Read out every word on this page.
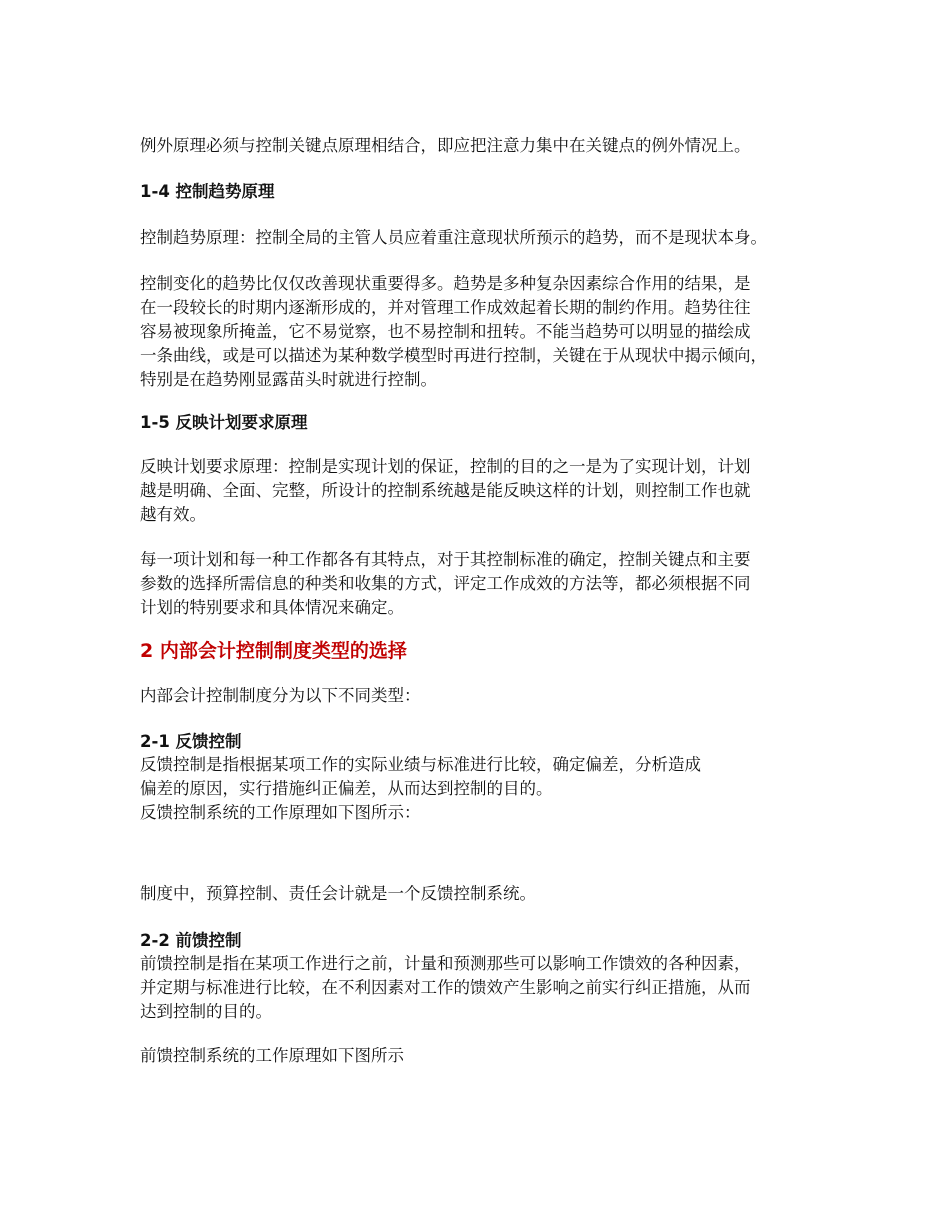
例外原理必须与控制关键点原理相结合，即应把注意力集中在关键点的例外情况上。
1-4 控制趋势原理
控制趋势原理：控制全局的主管人员应着重注意现状所预示的趋势，而不是现状本身。
控制变化的趋势比仅仅改善现状重要得多。趋势是多种复杂因素综合作用的结果，是
在一段较长的时期内逐渐形成的，并对管理工作成效起着长期的制约作用。趋势往往
容易被现象所掩盖，它不易觉察，也不易控制和扭转。不能当趋势可以明显的描绘成
一条曲线，或是可以描述为某种数学模型时再进行控制，关键在于从现状中揭示倾向，
特别是在趋势刚显露苗头时就进行控制。
1-5 反映计划要求原理
反映计划要求原理：控制是实现计划的保证，控制的目的之一是为了实现计划，计划
越是明确、全面、完整，所设计的控制系统越是能反映这样的计划，则控制工作也就
越有效。
每一项计划和每一种工作都各有其特点，对于其控制标准的确定，控制关键点和主要
参数的选择所需信息的种类和收集的方式，评定工作成效的方法等，都必须根据不同
计划的特别要求和具体情况来确定。
2 内部会计控制制度类型的选择
内部会计控制制度分为以下不同类型：
2-1 反馈控制
反馈控制是指根据某项工作的实际业绩与标准进行比较，确定偏差，分析造成
偏差的原因，实行措施纠正偏差，从而达到控制的目的。
反馈控制系统的工作原理如下图所示：
制度中，预算控制、责任会计就是一个反馈控制系统。
2-2 前馈控制
前馈控制是指在某项工作进行之前，计量和预测那些可以影响工作馈效的各种因素，
并定期与标准进行比较，在不利因素对工作的馈效产生影响之前实行纠正措施，从而
达到控制的目的。
前馈控制系统的工作原理如下图所示
